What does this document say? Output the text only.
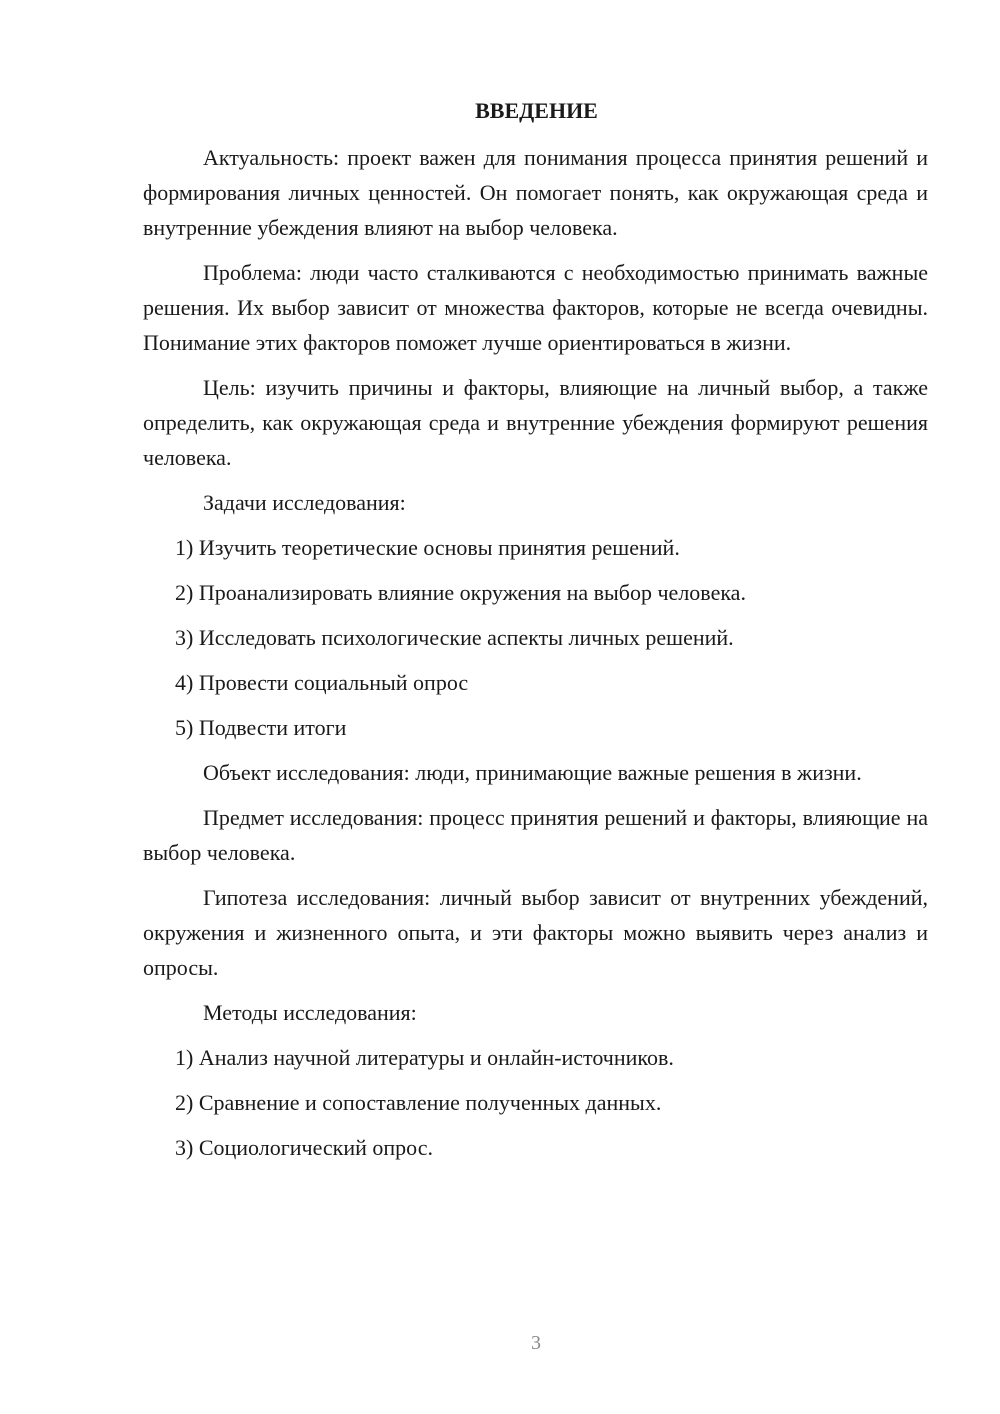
ВВЕДЕНИЕ

Актуальность: проект важен для понимания процесса принятия решений и формирования личных ценностей. Он помогает понять, как окружающая среда и внутренние убеждения влияют на выбор человека.

Проблема: люди часто сталкиваются с необходимостью принимать важные решения. Их выбор зависит от множества факторов, которые не всегда очевидны. Понимание этих факторов поможет лучше ориентироваться в жизни.

Цель: изучить причины и факторы, влияющие на личный выбор, а также определить, как окружающая среда и внутренние убеждения формируют решения человека.

Задачи исследования:

1) Изучить теоретические основы принятия решений.

2) Проанализировать влияние окружения на выбор человека.

3) Исследовать психологические аспекты личных решений.

4) Провести социальный опрос

5) Подвести итоги

Объект исследования: люди, принимающие важные решения в жизни.

Предмет исследования: процесс принятия решений и факторы, влияющие на выбор человека.

Гипотеза исследования: личный выбор зависит от внутренних убеждений, окружения и жизненного опыта, и эти факторы можно выявить через анализ и опросы.

Методы исследования:

1) Анализ научной литературы и онлайн-источников.

2) Сравнение и сопоставление полученных данных.

3) Социологический опрос.

3
